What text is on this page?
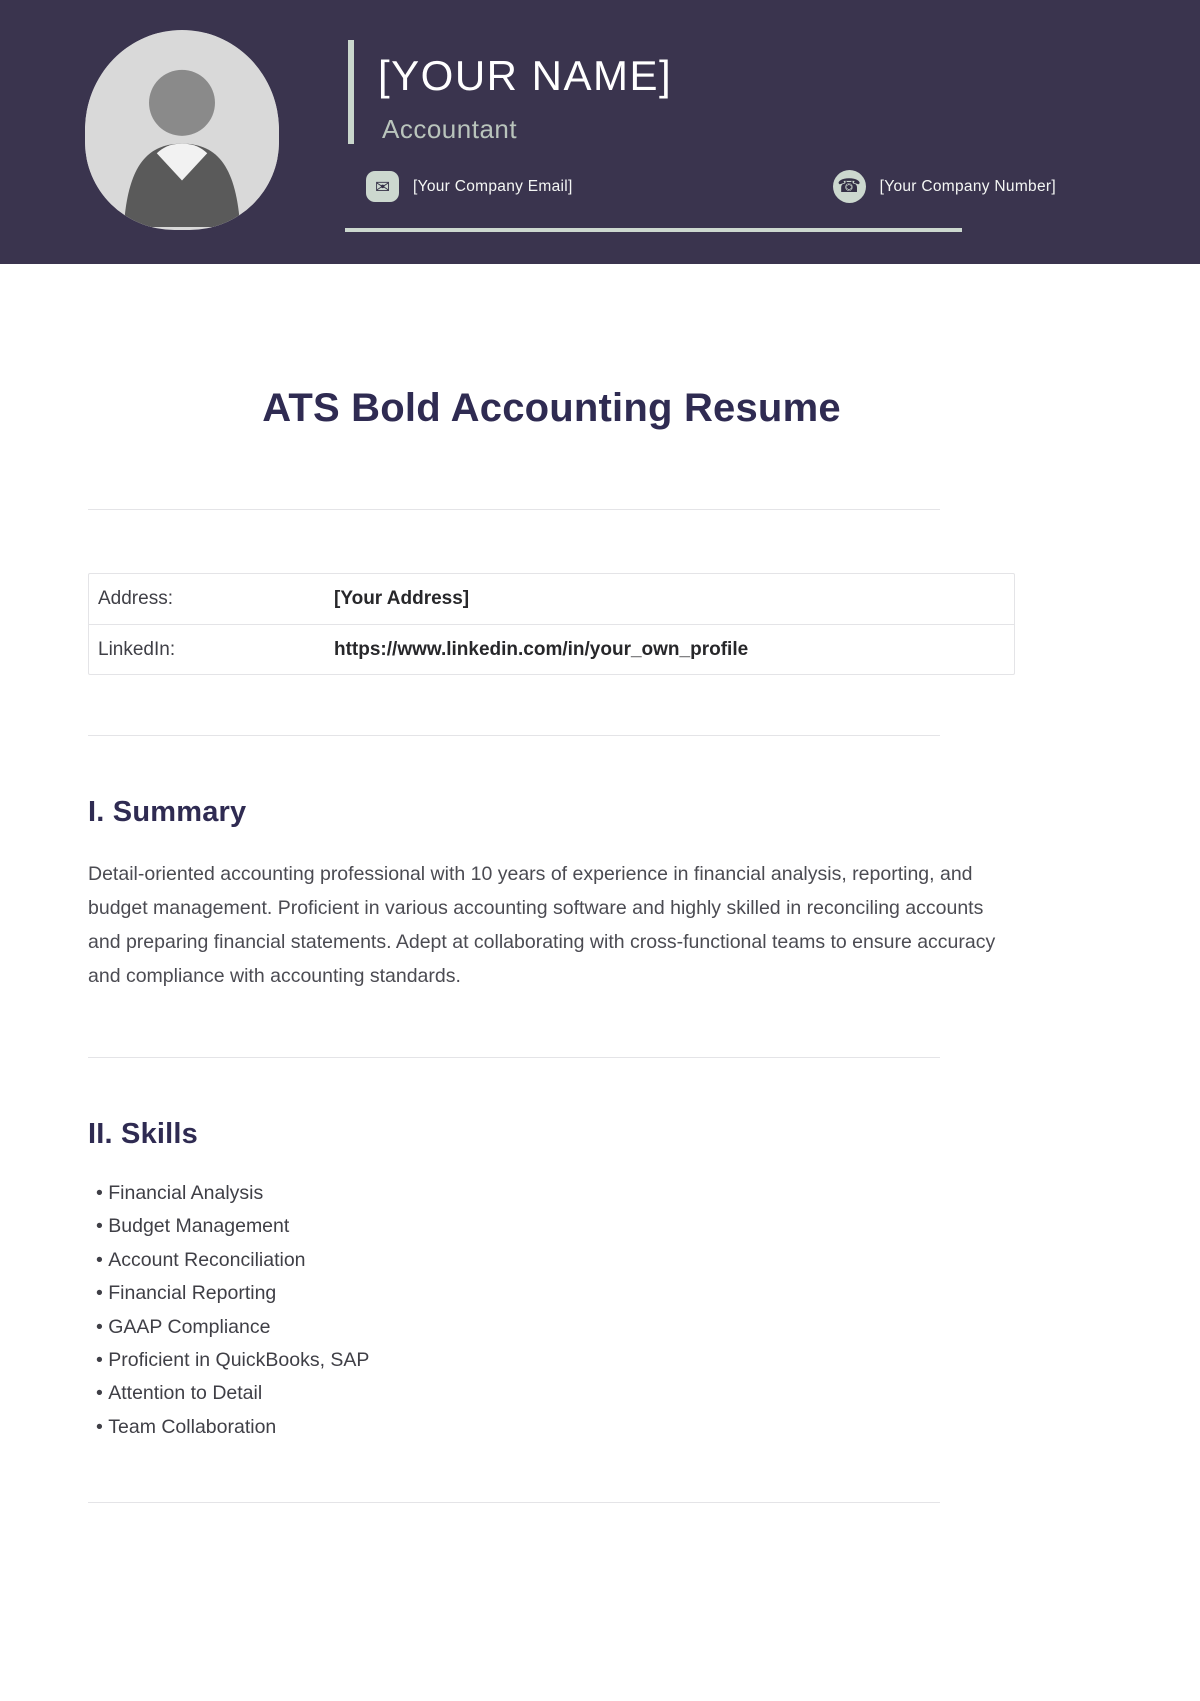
[YOUR NAME]
Accountant
✉	[Your Company Email]	☎	[Your Company Number]
ATS Bold Accounting Resume
Address:	[Your Address]
LinkedIn:	https://www.linkedin.com/in/your_own_profile
I. Summary

Detail-oriented accounting professional with 10 years of experience in financial analysis, reporting, and budget management. Proficient in various accounting software and highly skilled in reconciling accounts and preparing financial statements. Adept at collaborating with cross-functional teams to ensure accuracy and compliance with accounting standards.

II. Skills
• Financial Analysis
• Budget Management
• Account Reconciliation
• Financial Reporting
• GAAP Compliance
• Proficient in QuickBooks, SAP
• Attention to Detail
• Team Collaboration
